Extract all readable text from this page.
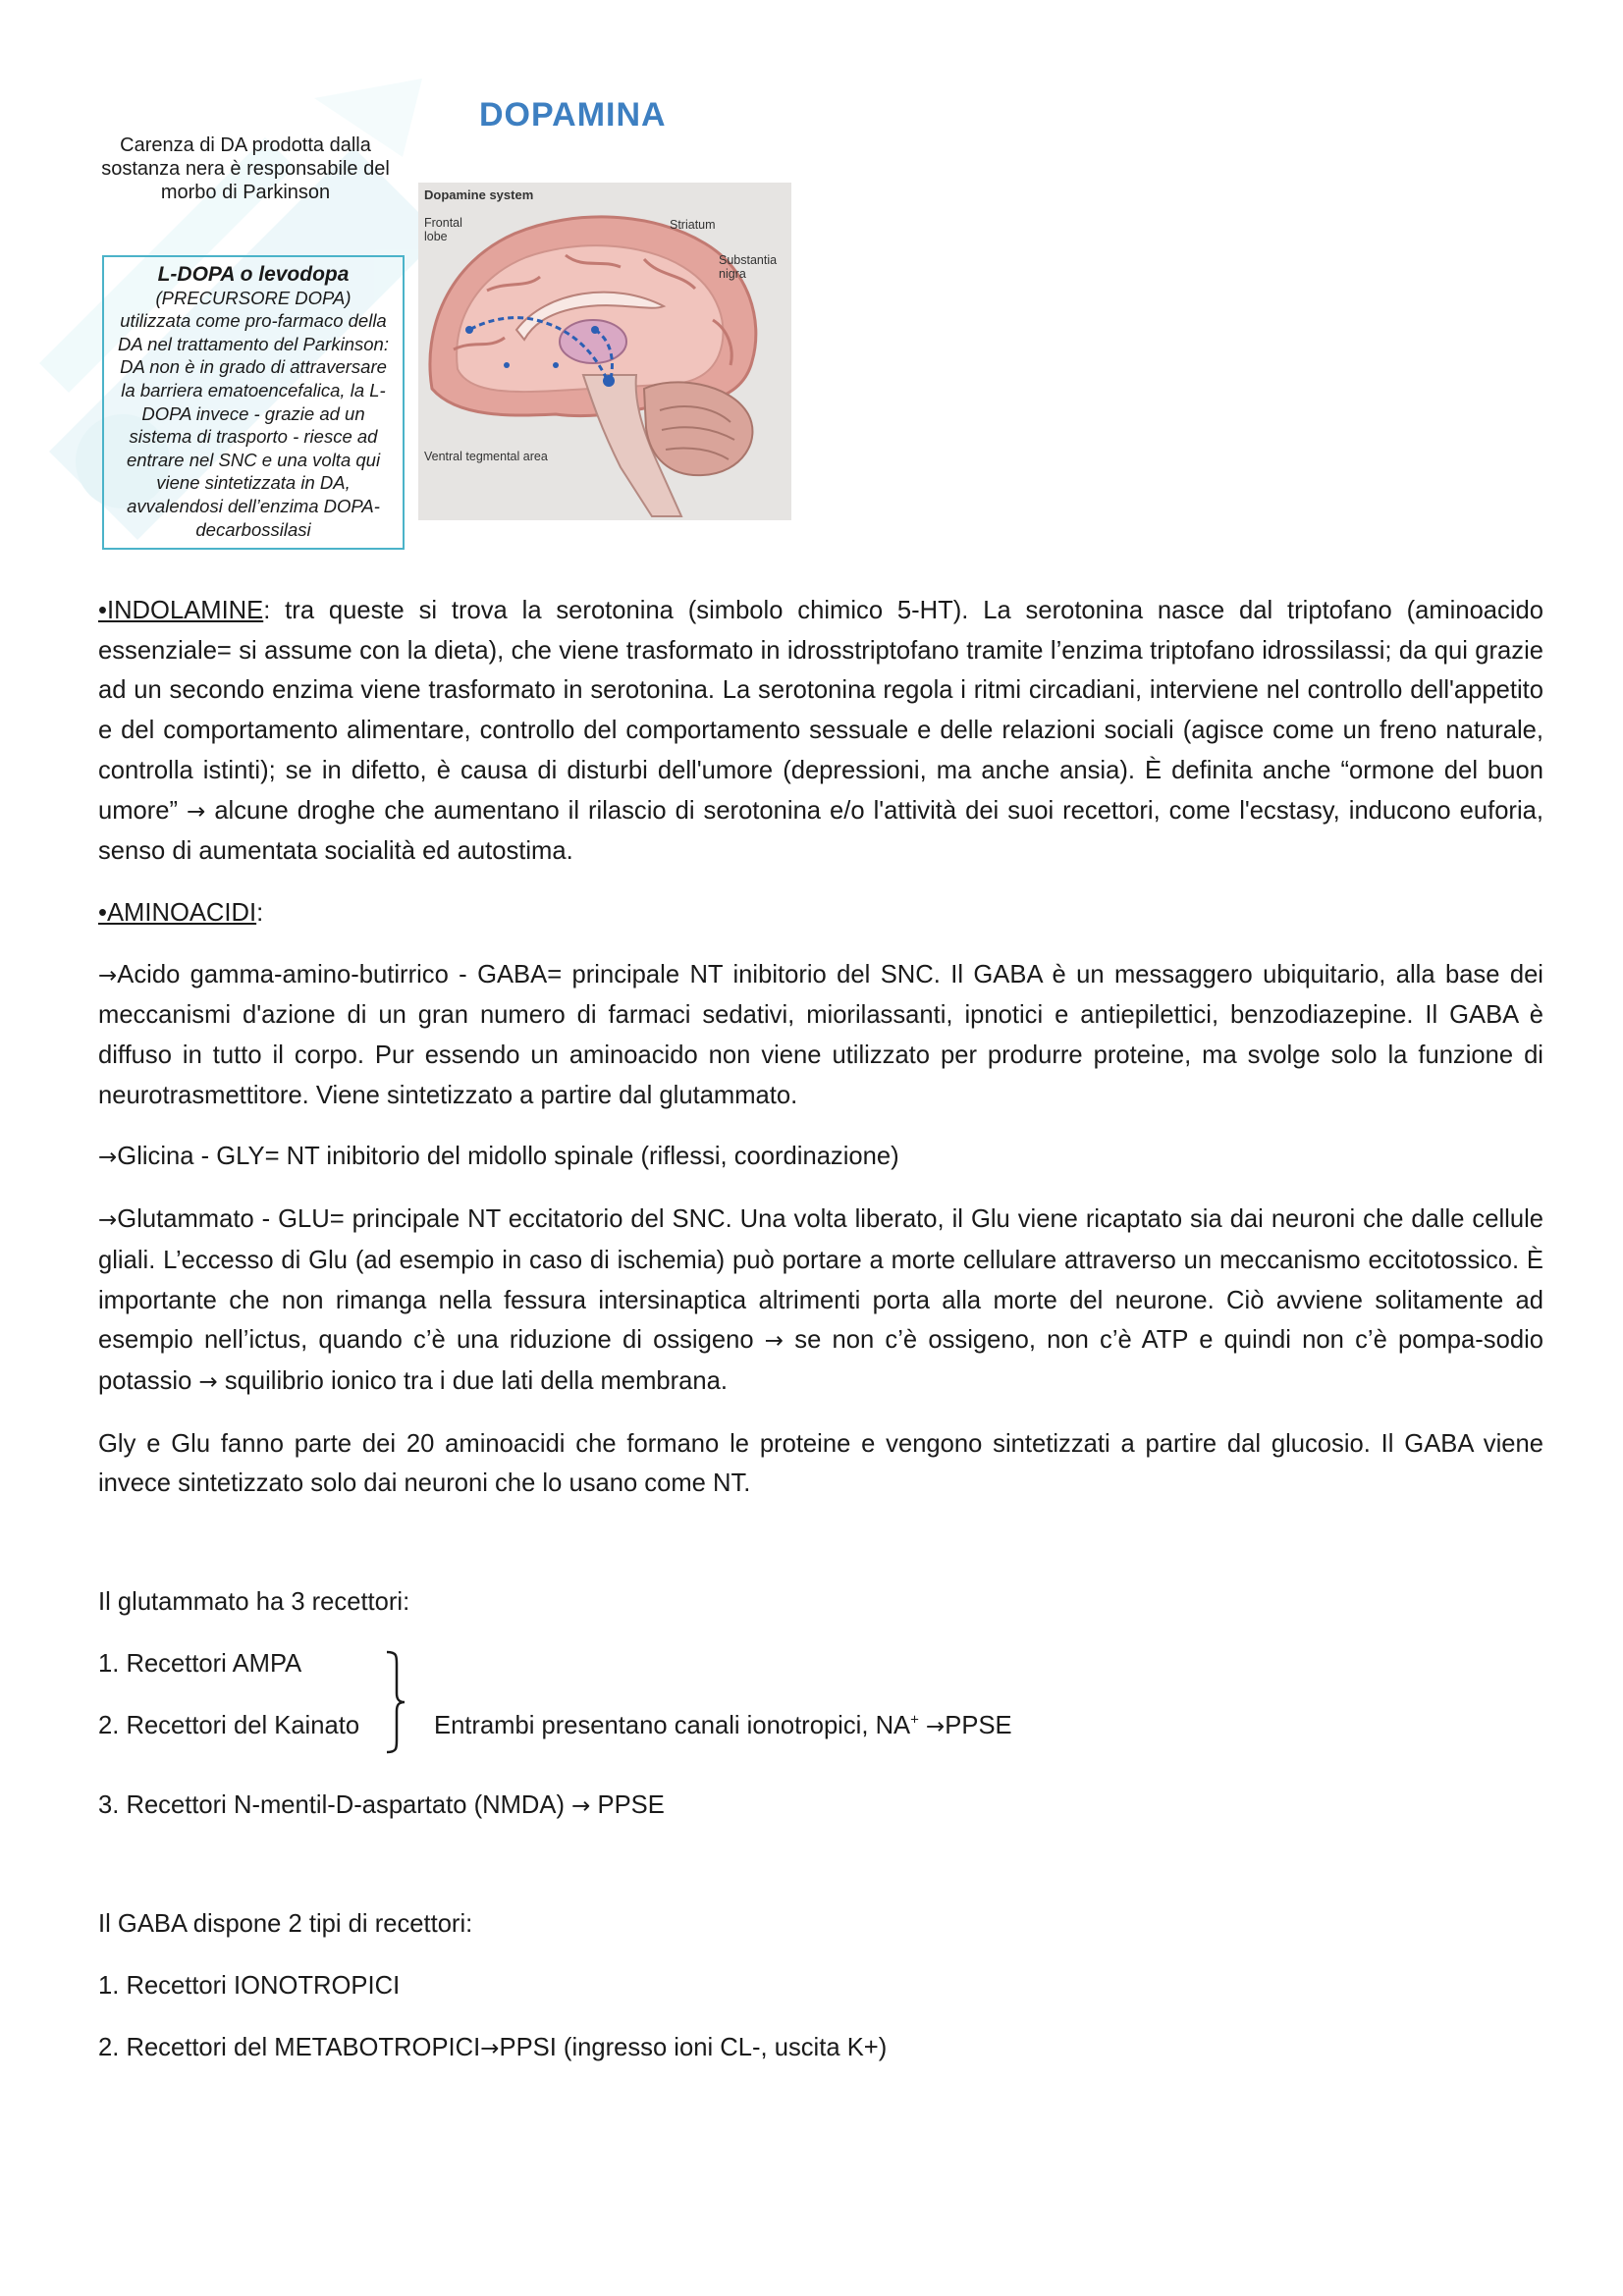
DOPAMINA
Carenza di DA prodotta dalla sostanza nera è responsabile del morbo di Parkinson
L-DOPA o levodopa
(PRECURSORE DOPA)
utilizzata come pro-farmaco della DA nel trattamento del Parkinson: DA non è in grado di attraversare la barriera ematoencefalica, la L-DOPA invece - grazie ad un sistema di trasporto - riesce ad entrare nel SNC e una volta qui viene sintetizzata in DA, avvalendosi dell’enzima DOPA-decarbossilasi
Dopamine system
Frontal lobe
Striatum
Substantia nigra
Ventral tegmental area

•INDOLAMINE: tra queste si trova la serotonina (simbolo chimico 5-HT). La serotonina nasce dal triptofano (aminoacido essenziale= si assume con la dieta), che viene trasformato in idrosstriptofano tramite l’enzima triptofano idrossilassi; da qui grazie ad un secondo enzima viene trasformato in serotonina. La serotonina regola i ritmi circadiani, interviene nel controllo dell'appetito e del comportamento alimentare, controllo del comportamento sessuale e delle relazioni sociali (agisce come un freno naturale, controlla istinti); se in difetto, è causa di disturbi dell'umore (depressioni, ma anche ansia). È definita anche “ormone del buon umore” → alcune droghe che aumentano il rilascio di serotonina e/o l'attività dei suoi recettori, come l'ecstasy, inducono euforia, senso di aumentata socialità ed autostima.

•AMINOACIDI:

→Acido gamma-amino-butirrico - GABA= principale NT inibitorio del SNC. Il GABA è un messaggero ubiquitario, alla base dei meccanismi d'azione di un gran numero di farmaci sedativi, miorilassanti, ipnotici e antiepilettici, benzodiazepine. Il GABA è diffuso in tutto il corpo. Pur essendo un aminoacido non viene utilizzato per produrre proteine, ma svolge solo la funzione di neurotrasmettitore. Viene sintetizzato a partire dal glutammato.

→Glicina - GLY= NT inibitorio del midollo spinale (riflessi, coordinazione)

→Glutammato - GLU= principale NT eccitatorio del SNC. Una volta liberato, il Glu viene ricaptato sia dai neuroni che dalle cellule gliali. L’eccesso di Glu (ad esempio in caso di ischemia) può portare a morte cellulare attraverso un meccanismo eccitotossico. È importante che non rimanga nella fessura intersinaptica altrimenti porta alla morte del neurone. Ciò avviene solitamente ad esempio nell’ictus, quando c’è una riduzione di ossigeno → se non c’è ossigeno, non c’è ATP e quindi non c’è pompa-sodio potassio → squilibrio ionico tra i due lati della membrana.

Gly e Glu fanno parte dei 20 aminoacidi che formano le proteine e vengono sintetizzati a partire dal glucosio. Il GABA viene invece sintetizzato solo dai neuroni che lo usano come NT.

Il glutammato ha 3 recettori:

1. Recettori AMPA
2. Recettori del Kainato	Entrambi presentano canali ionotropici, NA+ →PPSE

3. Recettori N-mentil-D-aspartato (NMDA) → PPSE

Il GABA dispone 2 tipi di recettori:

1. Recettori IONOTROPICI

2. Recettori del METABOTROPICI→PPSI (ingresso ioni CL-, uscita K+)
